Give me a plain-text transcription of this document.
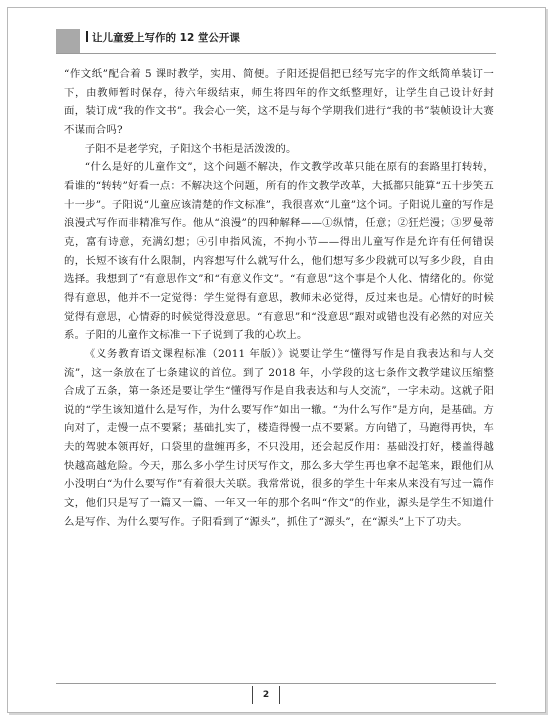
让儿童爱上写作的 12 堂公开课

“作文纸”配合着 5 课时教学，实用、简便。子阳还提倡把已经写完字的作文纸简单装订一下，由教师暂时保存，待六年级结束，师生将四年的作文纸整理好，让学生自己设计好封面，装订成“我的作文书”。我会心一笑，这不是与每个学期我们进行“我的书”装帧设计大赛不谋而合吗?

子阳不是老学究，子阳这个书柜是活泼泼的。

“什么是好的儿童作文”，这个问题不解决，作文教学改革只能在原有的套路里打转转，看谁的“转转”好看一点：不解决这个问题，所有的作文教学改革，大抵都只能算“五十步笑五十一步”。子阳说“儿童应该清楚的作文标准”，我很喜欢“儿童”这个词。子阳说儿童的写作是浪漫式写作而非精准写作。他从“浪漫”的四种解释——①纵情，任意；②狂烂漫；③罗曼蒂克，富有诗意，充满幻想；④引申指风流，不拘小节——得出儿童写作是允许有任何错误的，长短不该有什么限制，内容想写什么就写什么，他们想写多少段就可以写多少段，自由选择。我想到了“有意思作文”和“有意义作文”。“有意思”这个事是个人化、情绪化的。你觉得有意思，他并不一定觉得：学生觉得有意思，教师未必觉得，反过来也是。心情好的时候觉得有意思，心情孬的时候觉得没意思。“有意思”和“没意思”跟对或错也没有必然的对应关系。子阳的儿童作文标准一下子说到了我的心坎上。

《义务教育语文课程标准（2011 年版）》说要让学生“懂得写作是自我表达和与人交流”，这一条放在了七条建议的首位。到了 2018 年，小学段的这七条作文教学建议压缩整合成了五条，第一条还是要让学生“懂得写作是自我表达和与人交流”，一字未动。这就子阳说的“学生该知道什么是写作，为什么要写作”如出一辙。“为什么写作”是方向，是基础。方向对了，走慢一点不要紧；基础扎实了，楼造得慢一点不要紧。方向错了，马跑得再快，车夫的驾驶本领再好，口袋里的盘缠再多，不只没用，还会起反作用：基础没打好，楼盖得越快越高越危险。今天，那么多小学生讨厌写作文，那么多大学生再也拿不起笔来，跟他们从小没明白“为什么要写作”有着很大关联。我常常说，很多的学生十年来从来没有写过一篇作文，他们只是写了一篇又一篇、一年又一年的那个名叫“作文”的作业，源头是学生不知道什么是写作、为什么要写作。子阳看到了“源头”，抓住了“源头”，在“源头”上下了功夫。

2
